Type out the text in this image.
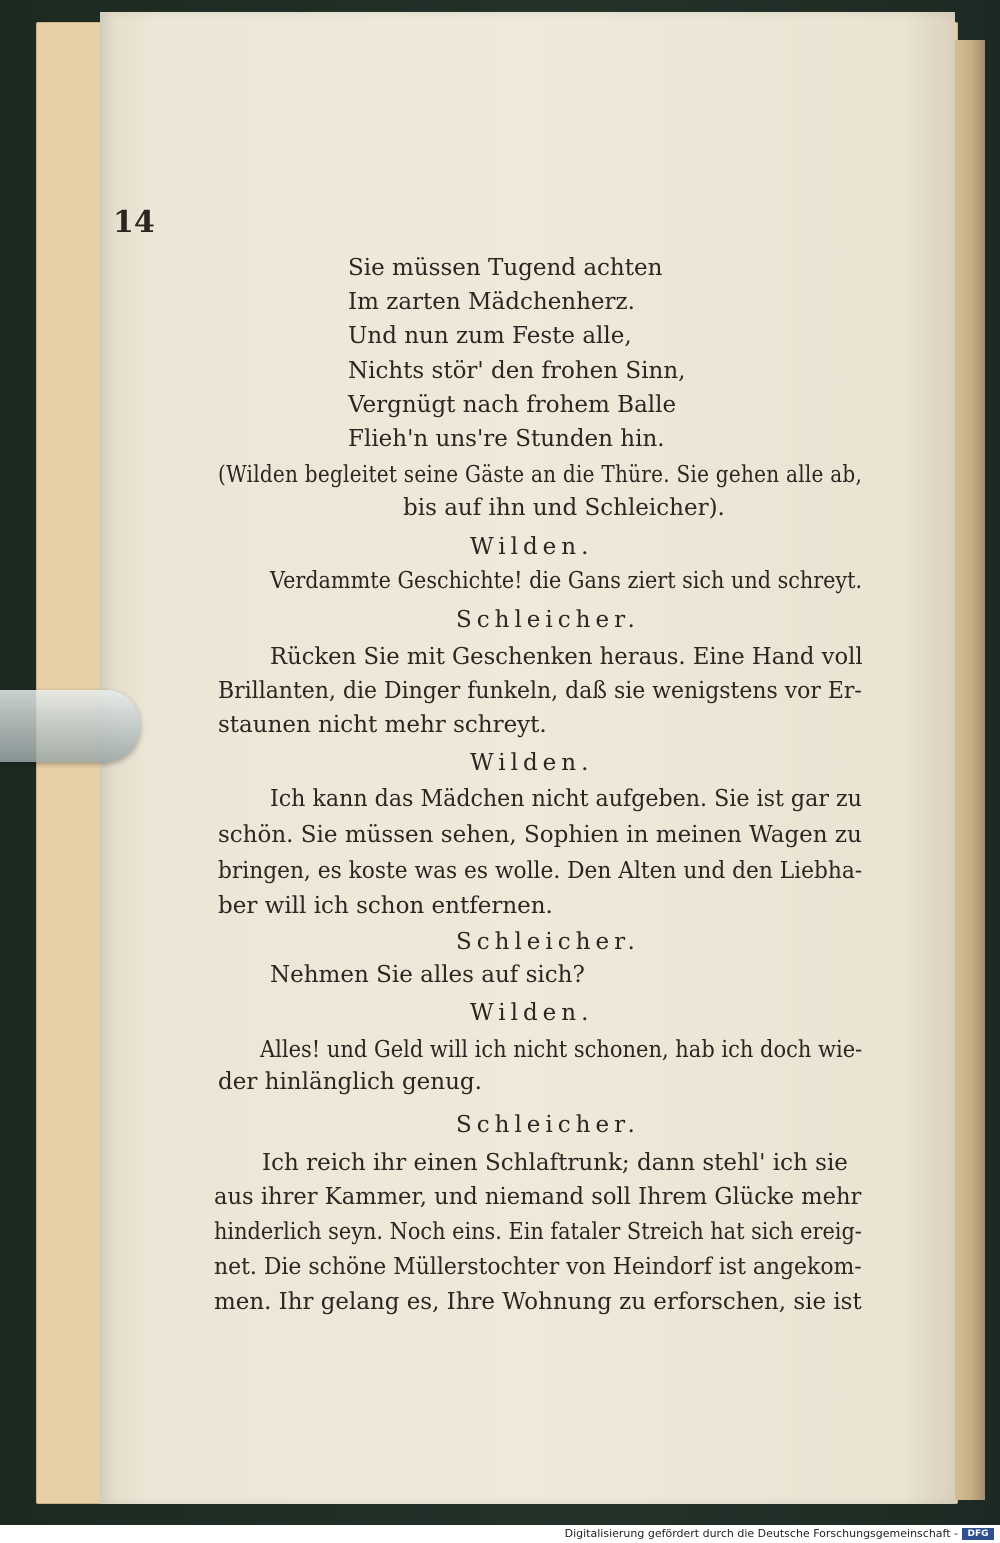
14
Sie müssen Tugend achten
Im zarten Mädchenherz.
Und nun zum Feste alle,
Nichts stör' den frohen Sinn,
Vergnügt nach frohem Balle
Flieh'n uns're Stunden hin.
(Wilden begleitet seine Gäste an die Thüre. Sie gehen alle ab,
bis auf ihn und Schleicher).
Wilden.
Verdammte Geschichte! die Gans ziert sich und schreyt.
Schleicher.
Rücken Sie mit Geschenken heraus. Eine Hand voll
Brillanten, die Dinger funkeln, daß sie wenigstens vor Er-
staunen nicht mehr schreyt.
Wilden.
Ich kann das Mädchen nicht aufgeben. Sie ist gar zu
schön. Sie müssen sehen, Sophien in meinen Wagen zu
bringen, es koste was es wolle. Den Alten und den Liebha-
ber will ich schon entfernen.
Schleicher.
Nehmen Sie alles auf sich?
Wilden.
Alles! und Geld will ich nicht schonen, hab ich doch wie-
der hinlänglich genug.
Schleicher.
Ich reich ihr einen Schlaftrunk; dann stehl' ich sie
aus ihrer Kammer, und niemand soll Ihrem Glücke mehr
hinderlich seyn. Noch eins. Ein fataler Streich hat sich ereig-
net. Die schöne Müllerstochter von Heindorf ist angekom-
men. Ihr gelang es, Ihre Wohnung zu erforschen, sie ist
Digitalisierung gefördert durch die Deutsche Forschungsgemeinschaft -	DFG
